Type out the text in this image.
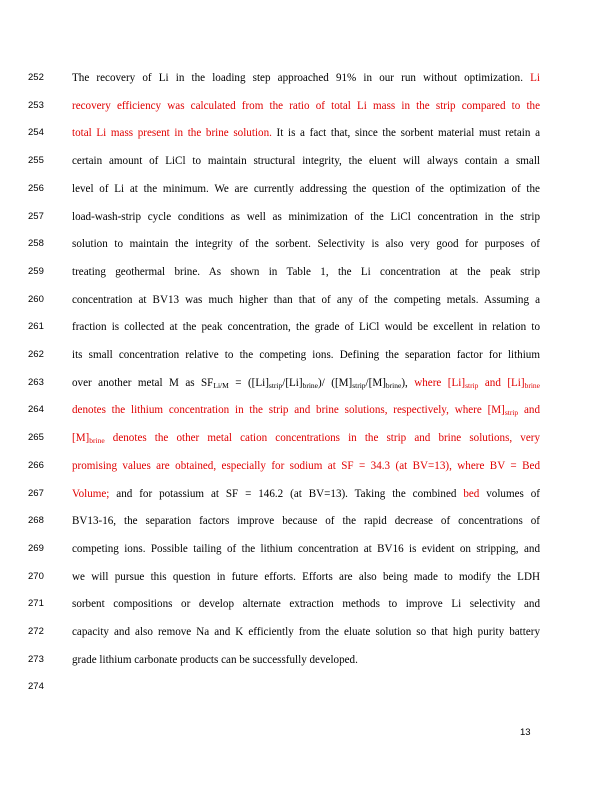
252
253
254
255
256
257
258
259
260
261
262
263
264
265
266
267
268
269
270
271
272
273
274
The recovery of Li in the loading step approached 91% in our run without optimization. Li
recovery efficiency was calculated from the ratio of total Li mass in the strip compared to the
total Li mass present in the brine solution. It is a fact that, since the sorbent material must retain a
certain amount of LiCl to maintain structural integrity, the eluent will always contain a small
level of Li at the minimum. We are currently addressing the question of the optimization of the
load-wash-strip cycle conditions as well as minimization of the LiCl concentration in the strip
solution to maintain the integrity of the sorbent. Selectivity is also very good for purposes of
treating geothermal brine. As shown in Table 1, the Li concentration at the peak strip
concentration at BV13 was much higher than that of any of the competing metals. Assuming a
fraction is collected at the peak concentration, the grade of LiCl would be excellent in relation to
its small concentration relative to the competing ions. Defining the separation factor for lithium
over another metal M as $SF_{Li/M} = ([Li]_{strip}/[Li]_{brine})/$ $([M]_{strip}/[M]_{brine})$, where $[Li]_{strip}$ and $[Li]_{brine}$
denotes the lithium concentration in the strip and brine solutions, respectively, where $[M]_{strip}$ and
$[M]_{brine}$ denotes the other metal cation concentrations in the strip and brine solutions, very
promising values are obtained, especially for sodium at SF = 34.3 (at BV=13), where BV = Bed
Volume; and for potassium at SF = 146.2 (at BV=13). Taking the combined bed volumes of
BV13-16, the separation factors improve because of the rapid decrease of concentrations of
competing ions. Possible tailing of the lithium concentration at BV16 is evident on stripping, and
we will pursue this question in future efforts. Efforts are also being made to modify the LDH
sorbent compositions or develop alternate extraction methods to improve Li selectivity and
capacity and also remove Na and K efficiently from the eluate solution so that high purity battery
grade lithium carbonate products can be successfully developed.
13
